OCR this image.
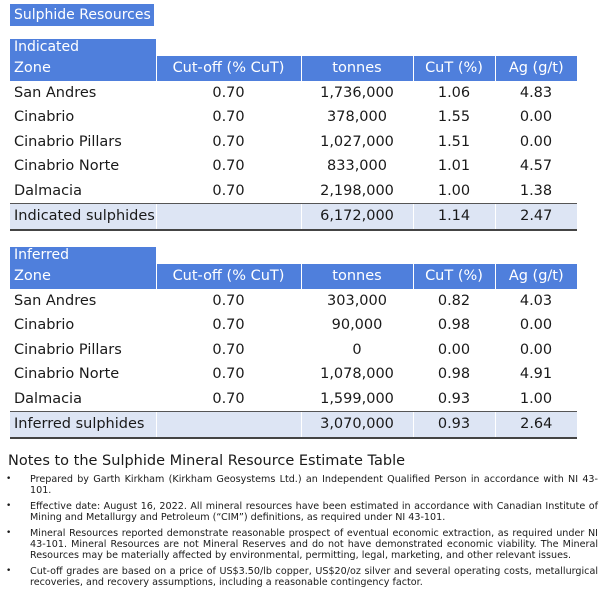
Sulphide Resources
Indicated				
Zone	Cut-off (% CuT)	tonnes	CuT (%)	Ag (g/t)
San Andres	0.70	1,736,000	1.06	4.83
Cinabrio	0.70	378,000	1.55	0.00
Cinabrio Pillars	0.70	1,027,000	1.51	0.00
Cinabrio Norte	0.70	833,000	1.01	4.57
Dalmacia	0.70	2,198,000	1.00	1.38
Indicated sulphides		6,172,000	1.14	2.47
Inferred				
Zone	Cut-off (% CuT)	tonnes	CuT (%)	Ag (g/t)
San Andres	0.70	303,000	0.82	4.03
Cinabrio	0.70	90,000	0.98	0.00
Cinabrio Pillars	0.70	0	0.00	0.00
Cinabrio Norte	0.70	1,078,000	0.98	4.91
Dalmacia	0.70	1,599,000	0.93	1.00
Inferred sulphides		3,070,000	0.93	2.64
Notes to the Sulphide Mineral Resource Estimate Table
• Prepared by Garth Kirkham (Kirkham Geosystems Ltd.) an Independent Qualified Person in accordance with NI 43-101.
• Effective date: August 16, 2022. All mineral resources have been estimated in accordance with Canadian Institute of Mining and Metallurgy and Petroleum (“CIM”) definitions, as required under NI 43-101.
• Mineral Resources reported demonstrate reasonable prospect of eventual economic extraction, as required under NI 43-101. Mineral Resources are not Mineral Reserves and do not have demonstrated economic viability. The Mineral Resources may be materially affected by environmental, permitting, legal, marketing, and other relevant issues.
• Cut-off grades are based on a price of US$3.50/lb copper, US$20/oz silver and several operating costs, metallurgical recoveries, and recovery assumptions, including a reasonable contingency factor.
